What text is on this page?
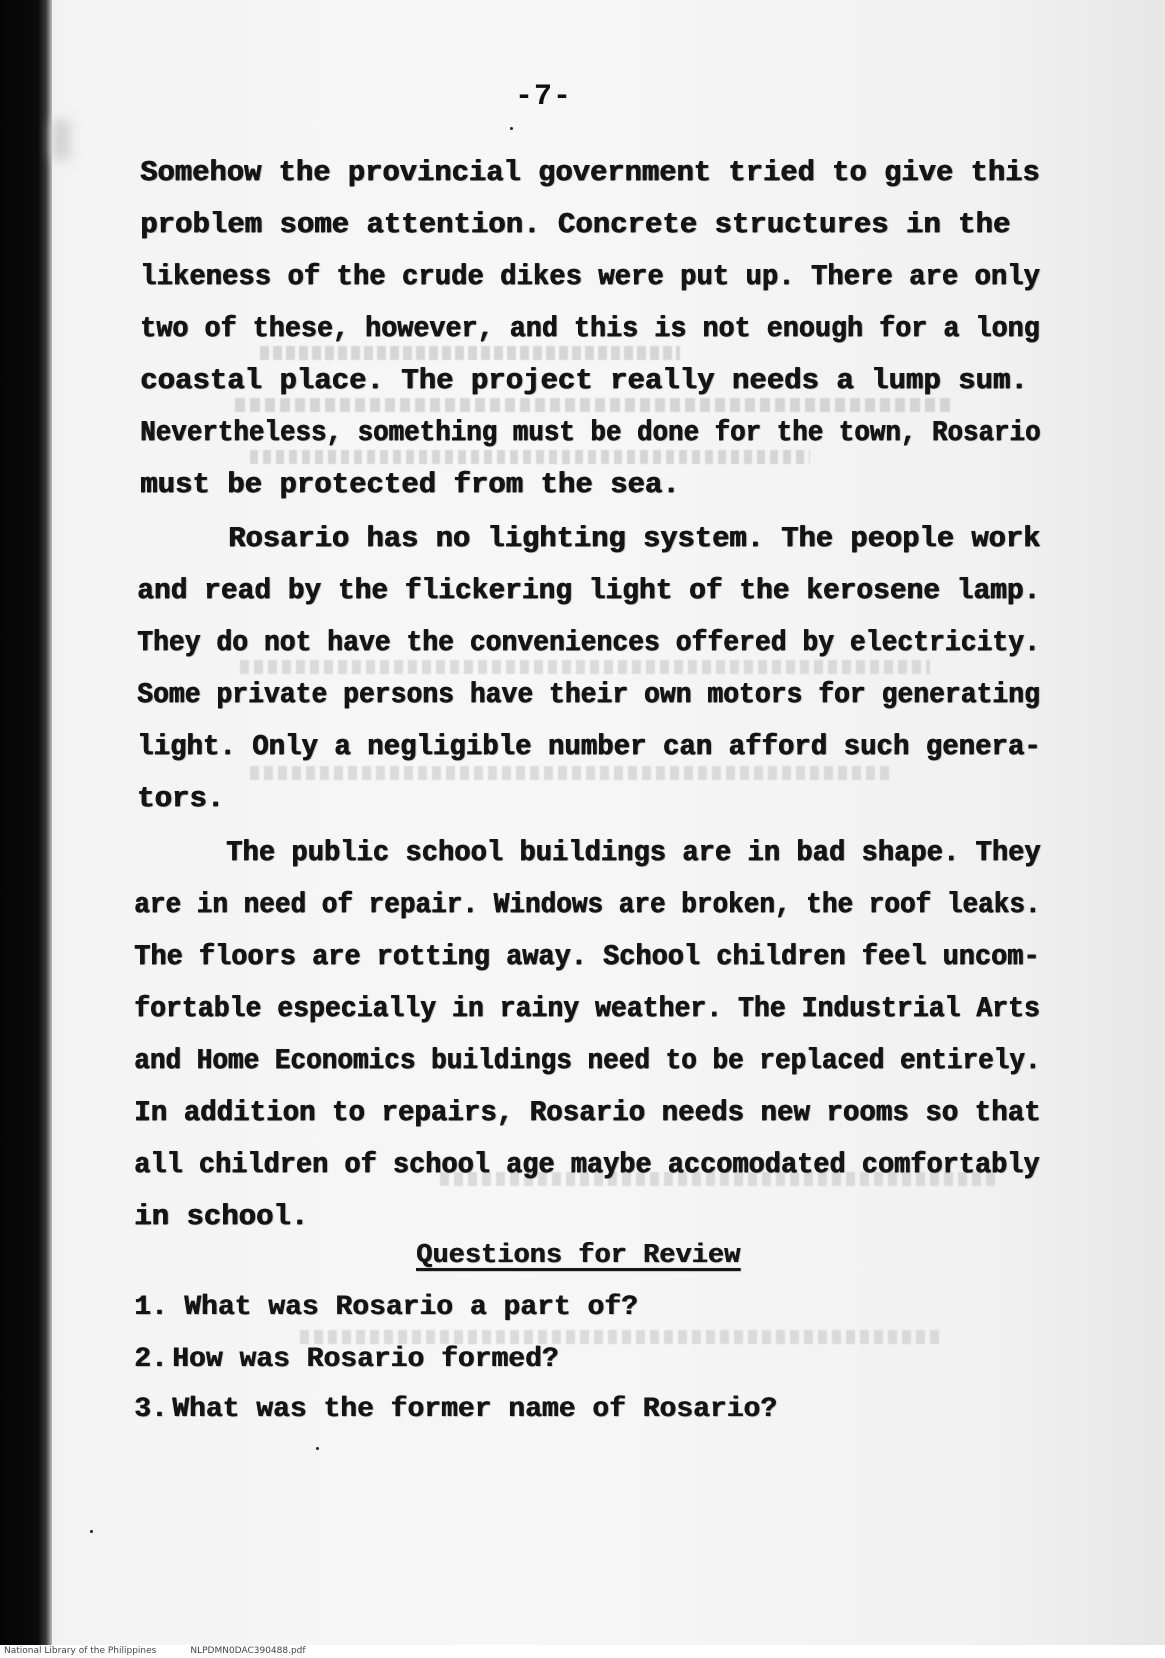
-7-
Somehow the provincial government tried to give this
problem some attention. Concrete structures in the
likeness of the crude dikes were put up. There are only
two of these, however, and this is not enough for a long
coastal place. The project really needs a lump sum.
Nevertheless, something must be done for the town, Rosario
must be protected from the sea.
Rosario has no lighting system. The people work
and read by the flickering light of the kerosene lamp.
They do not have the conveniences offered by electricity.
Some private persons have their own motors for generating
light. Only a negligible number can afford such genera-
tors.
The public school buildings are in bad shape. They
are in need of repair. Windows are broken, the roof leaks.
The floors are rotting away. School children feel uncom-
fortable especially in rainy weather. The Industrial Arts
and Home Economics buildings need to be replaced entirely.
In addition to repairs, Rosario needs new rooms so that
all children of school age maybe accomodated comfortably
in school.
Questions for Review
1. What was Rosario a part of?
2. How was Rosario formed?
3. What was the former name of Rosario?
National Library of the Philippines	NLPDMN0DAC390488.pdf
